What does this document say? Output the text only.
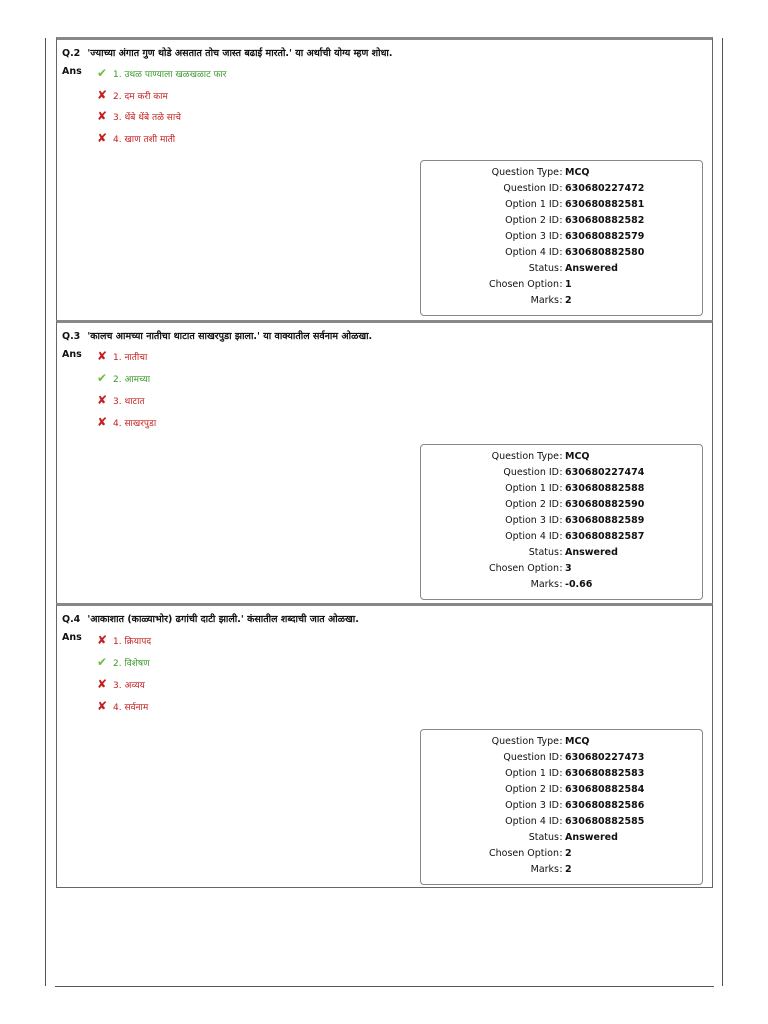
Q.2 'ज्याच्या अंगात गुण थोडे असतात तोच जास्त बढाई मारतो.' या अर्थाची योग्य म्हण शोधा.
Ans ✔ 1. उथळ पाण्याला खळखळाट फार
✘ 2. दम करी काम
✘ 3. थेंबे थेंबे तळे साचे
✘ 4. खाण तशी माती
Question Type : MCQ
Question ID : 630680227472
Option 1 ID : 630680882581
Option 2 ID : 630680882582
Option 3 ID : 630680882579
Option 4 ID : 630680882580
Status : Answered
Chosen Option : 1
Marks : 2
Q.3 'कालच आमच्या नातीचा थाटात साखरपुडा झाला.' या वाक्यातील सर्वनाम ओळखा.
Ans ✘ 1. नातीचा
✔ 2. आमच्या
✘ 3. थाटात
✘ 4. साखरपुडा
Question Type : MCQ
Question ID : 630680227474
Option 1 ID : 630680882588
Option 2 ID : 630680882590
Option 3 ID : 630680882589
Option 4 ID : 630680882587
Status : Answered
Chosen Option : 3
Marks : -0.66
Q.4 'आकाशात (काळ्याभोर) ढगांची दाटी झाली.' कंसातील शब्दाची जात ओळखा.
Ans ✘ 1. क्रियापद
✔ 2. विशेषण
✘ 3. अव्यय
✘ 4. सर्वनाम
Question Type : MCQ
Question ID : 630680227473
Option 1 ID : 630680882583
Option 2 ID : 630680882584
Option 3 ID : 630680882586
Option 4 ID : 630680882585
Status : Answered
Chosen Option : 2
Marks : 2
